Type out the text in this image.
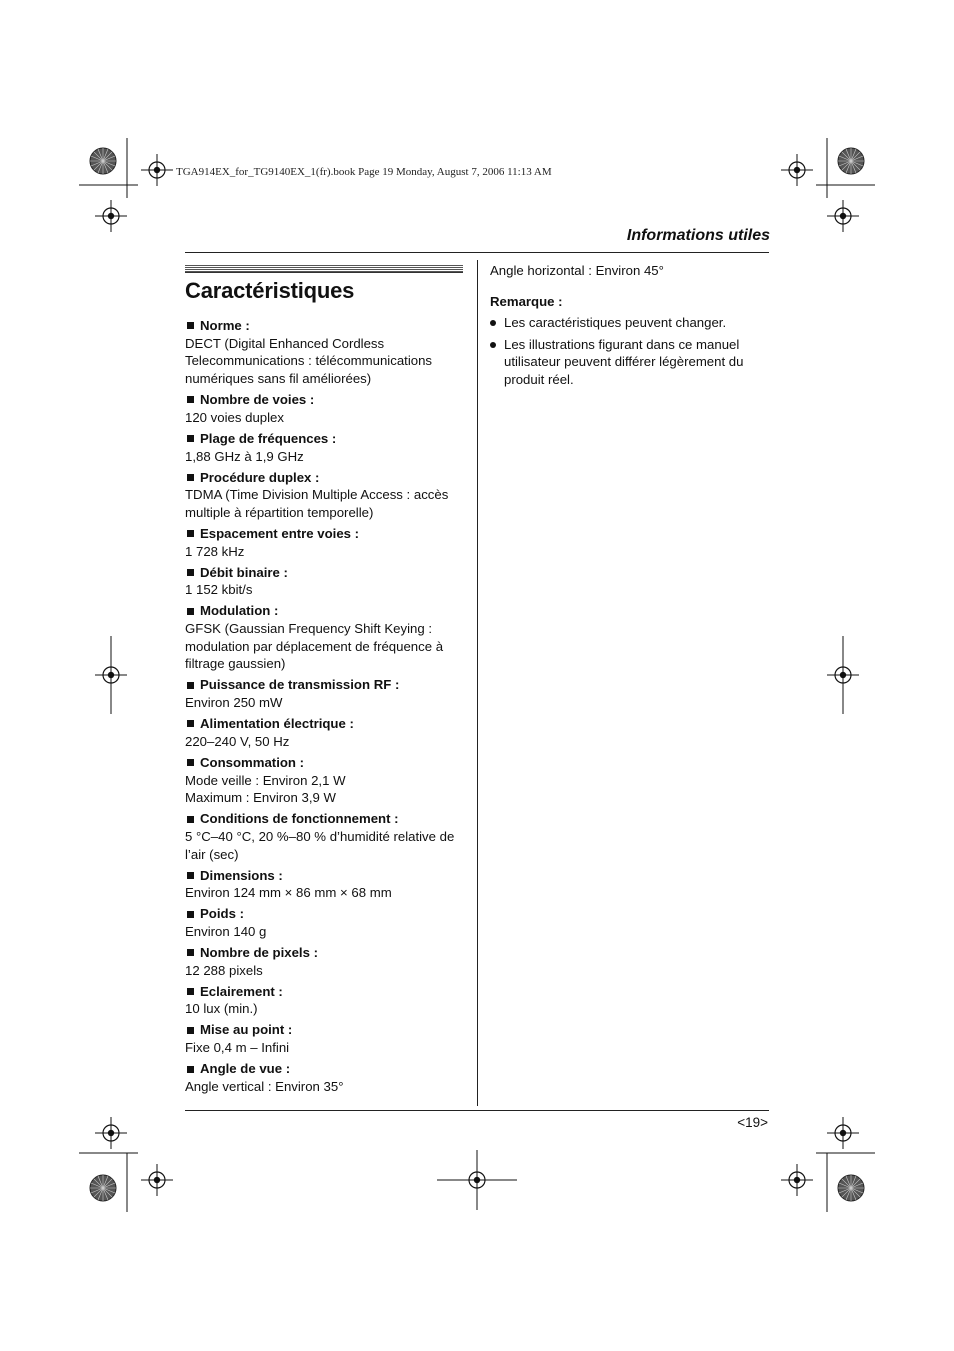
TGA914EX_for_TG9140EX_1(fr).book Page 19 Monday, August 7, 2006 11:13 AM
Informations utiles
Caractéristiques
Norme :
DECT (Digital Enhanced Cordless
Telecommunications : télécommunications
numériques sans fil améliorées)
Nombre de voies :
120 voies duplex
Plage de fréquences :
1,88 GHz à 1,9 GHz
Procédure duplex :
TDMA (Time Division Multiple Access : accès
multiple à répartition temporelle)
Espacement entre voies :
1 728 kHz
Débit binaire :
1 152 kbit/s
Modulation :
GFSK (Gaussian Frequency Shift Keying :
modulation par déplacement de fréquence à
filtrage gaussien)
Puissance de transmission RF :
Environ 250 mW
Alimentation électrique :
220–240 V, 50 Hz
Consommation :
Mode veille : Environ 2,1 W
Maximum : Environ 3,9 W
Conditions de fonctionnement :
5 °C–40 °C, 20 %–80 % d’humidité relative de
l’air (sec)
Dimensions :
Environ 124 mm × 86 mm × 68 mm
Poids :
Environ 140 g
Nombre de pixels :
12 288 pixels
Eclairement :
10 lux (min.)
Mise au point :
Fixe 0,4 m – Infini
Angle de vue :
Angle vertical : Environ 35°
Angle horizontal : Environ 45°
Remarque :
Les caractéristiques peuvent changer.
Les illustrations figurant dans ce manuel
utilisateur peuvent différer légèrement du
produit réel.
<19>
